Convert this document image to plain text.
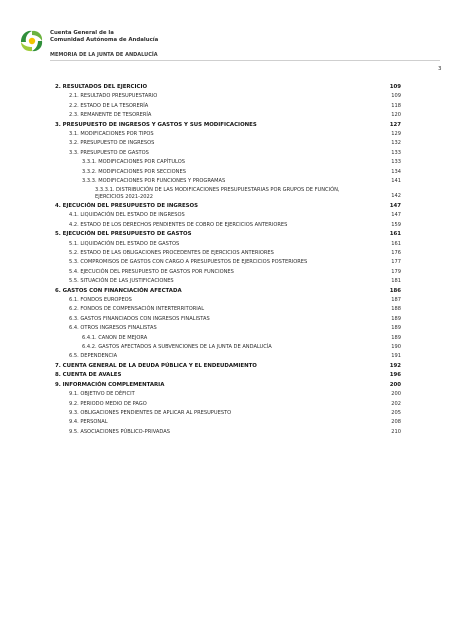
Cuenta General de la
Comunidad Autónoma de Andalucía
MEMORIA DE LA JUNTA DE ANDALUCÍA
3
2. RESULTADOS DEL EJERCICIO	109
2.1. RESULTADO PRESUPUESTARIO	109
2.2. ESTADO DE LA TESORERÍA	118
2.3. REMANENTE DE TESORERÍA	120
3. PRESUPUESTO DE INGRESOS Y GASTOS Y SUS MODIFICACIONES	127
3.1. MODIFICACIONES POR TIPOS	129
3.2. PRESUPUESTO DE INGRESOS	132
3.3. PRESUPUESTO DE GASTOS	133
3.3.1. MODIFICACIONES POR CAPÍTULOS	133
3.3.2. MODIFICACIONES POR SECCIONES	134
3.3.3. MODIFICACIONES POR FUNCIONES Y PROGRAMAS	141
3.3.3.1. DISTRIBUCIÓN DE LAS MODIFICACIONES PRESUPUESTARIAS POR GRUPOS DE FUNCIÓN,
EJERCICIOS 2021-2022	142
4. EJECUCIÓN DEL PRESUPUESTO DE INGRESOS	147
4.1. LIQUIDACIÓN DEL ESTADO DE INGRESOS	147
4.2. ESTADO DE LOS DERECHOS PENDIENTES DE COBRO DE EJERCICIOS ANTERIORES	159
5. EJECUCIÓN DEL PRESUPUESTO DE GASTOS	161
5.1. LIQUIDACIÓN DEL ESTADO DE GASTOS	161
5.2. ESTADO DE LAS OBLIGACIONES PROCEDENTES DE EJERCICIOS ANTERIORES	176
5.3. COMPROMISOS DE GASTOS CON CARGO A PRESUPUESTOS DE EJERCICIOS POSTERIORES	177
5.4. EJECUCIÓN DEL PRESUPUESTO DE GASTOS POR FUNCIONES	179
5.5. SITUACIÓN DE LAS JUSTIFICACIONES	181
6. GASTOS CON FINANCIACIÓN AFECTADA	186
6.1. FONDOS EUROPEOS	187
6.2. FONDOS DE COMPENSACIÓN INTERTERRITORIAL	188
6.3. GASTOS FINANCIADOS CON INGRESOS FINALISTAS	189
6.4. OTROS INGRESOS FINALISTAS	189
6.4.1. CANON DE MEJORA	189
6.4.2. GASTOS AFECTADOS A SUBVENCIONES DE LA JUNTA DE ANDALUCÍA	190
6.5. DEPENDENCIA	191
7. CUENTA GENERAL DE LA DEUDA PÚBLICA Y EL ENDEUDAMIENTO	192
8. CUENTA DE AVALES	196
9. INFORMACIÓN COMPLEMENTARIA	200
9.1. OBJETIVO DE DÉFICIT	200
9.2. PERIODO MEDIO DE PAGO	202
9.3. OBLIGACIONES PENDIENTES DE APLICAR AL PRESUPUESTO	205
9.4. PERSONAL	208
9.5. ASOCIACIONES PÚBLICO-PRIVADAS	210
